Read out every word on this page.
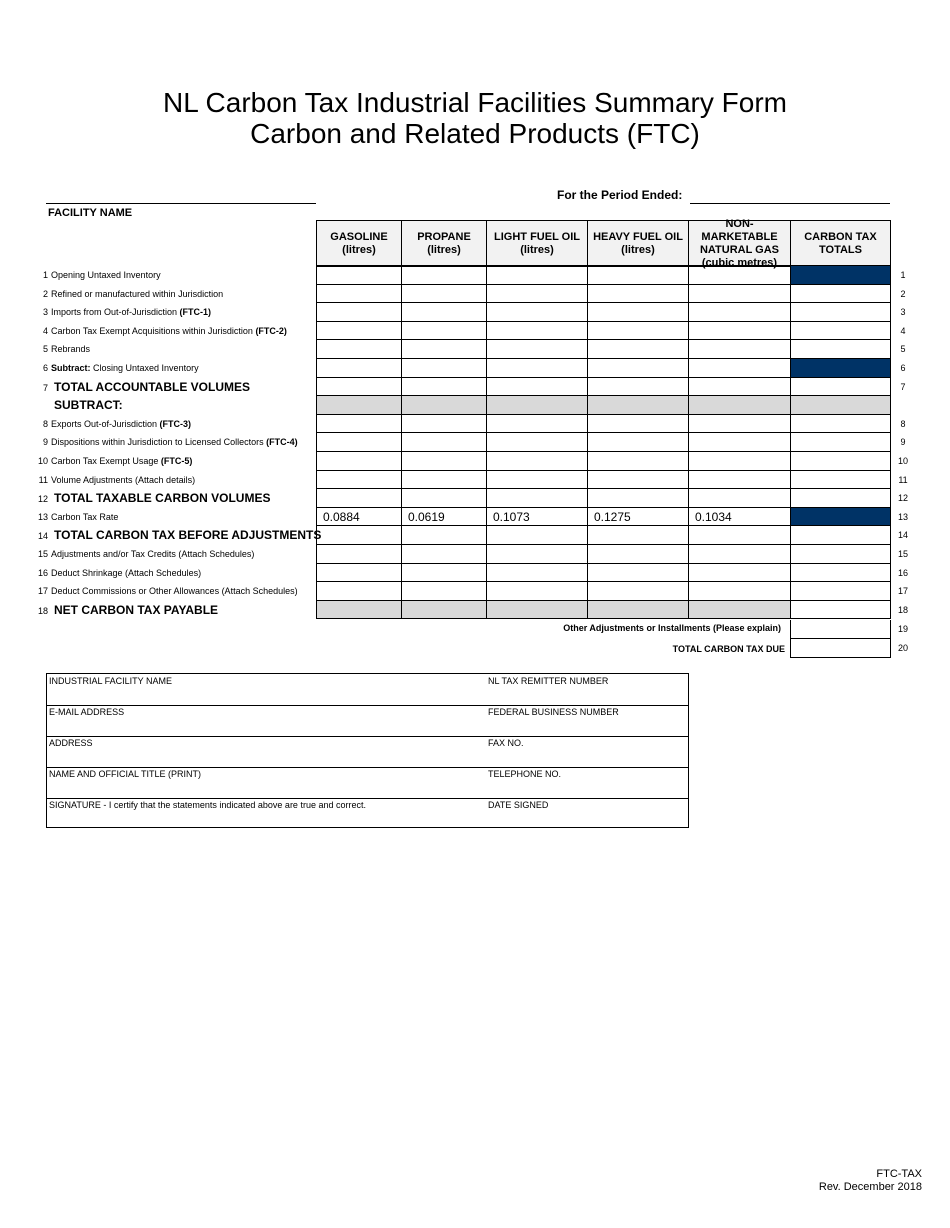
NL Carbon Tax Industrial Facilities Summary Form
Carbon and Related Products (FTC)
For the Period Ended:
FACILITY NAME
GASOLINE
(litres)
PROPANE
(litres)
LIGHT FUEL OIL
(litres)
HEAVY FUEL OIL
(litres)
NON-MARKETABLE
NATURAL GAS
(cubic metres)
CARBON TAX
TOTALS
1 Opening Untaxed Inventory	1
2 Refined or manufactured within Jurisdiction	2
3 Imports from Out-of-Jurisdiction (FTC-1)	3
4 Carbon Tax Exempt Acquisitions within Jurisdiction (FTC-2)	4
5 Rebrands	5
6 Subtract: Closing Untaxed Inventory	6
7 TOTAL ACCOUNTABLE VOLUMES	7
SUBTRACT:
8 Exports Out-of-Jurisdiction (FTC-3)	8
9 Dispositions within Jurisdiction to Licensed Collectors (FTC-4)	9
10 Carbon Tax Exempt Usage (FTC-5)	10
11 Volume Adjustments (Attach details)	11
12 TOTAL TAXABLE CARBON VOLUMES	12
13 Carbon Tax Rate	0.0884	0.0619	0.1073	0.1275	0.1034	13
14 TOTAL CARBON TAX BEFORE ADJUSTMENTS	14
15 Adjustments and/or Tax Credits (Attach Schedules)	15
16 Deduct Shrinkage (Attach Schedules)	16
17 Deduct Commissions or Other Allowances (Attach Schedules)	17
18 NET CARBON TAX PAYABLE	18
Other Adjustments or Installments (Please explain)	19
TOTAL CARBON TAX DUE	20
INDUSTRIAL FACILITY NAME	NL TAX REMITTER NUMBER
E-MAIL ADDRESS	FEDERAL BUSINESS NUMBER
ADDRESS	FAX NO.
NAME AND OFFICIAL TITLE (PRINT)	TELEPHONE NO.
SIGNATURE - I certify that the statements indicated above are true and correct.	DATE SIGNED
FTC-TAX
Rev. December 2018
